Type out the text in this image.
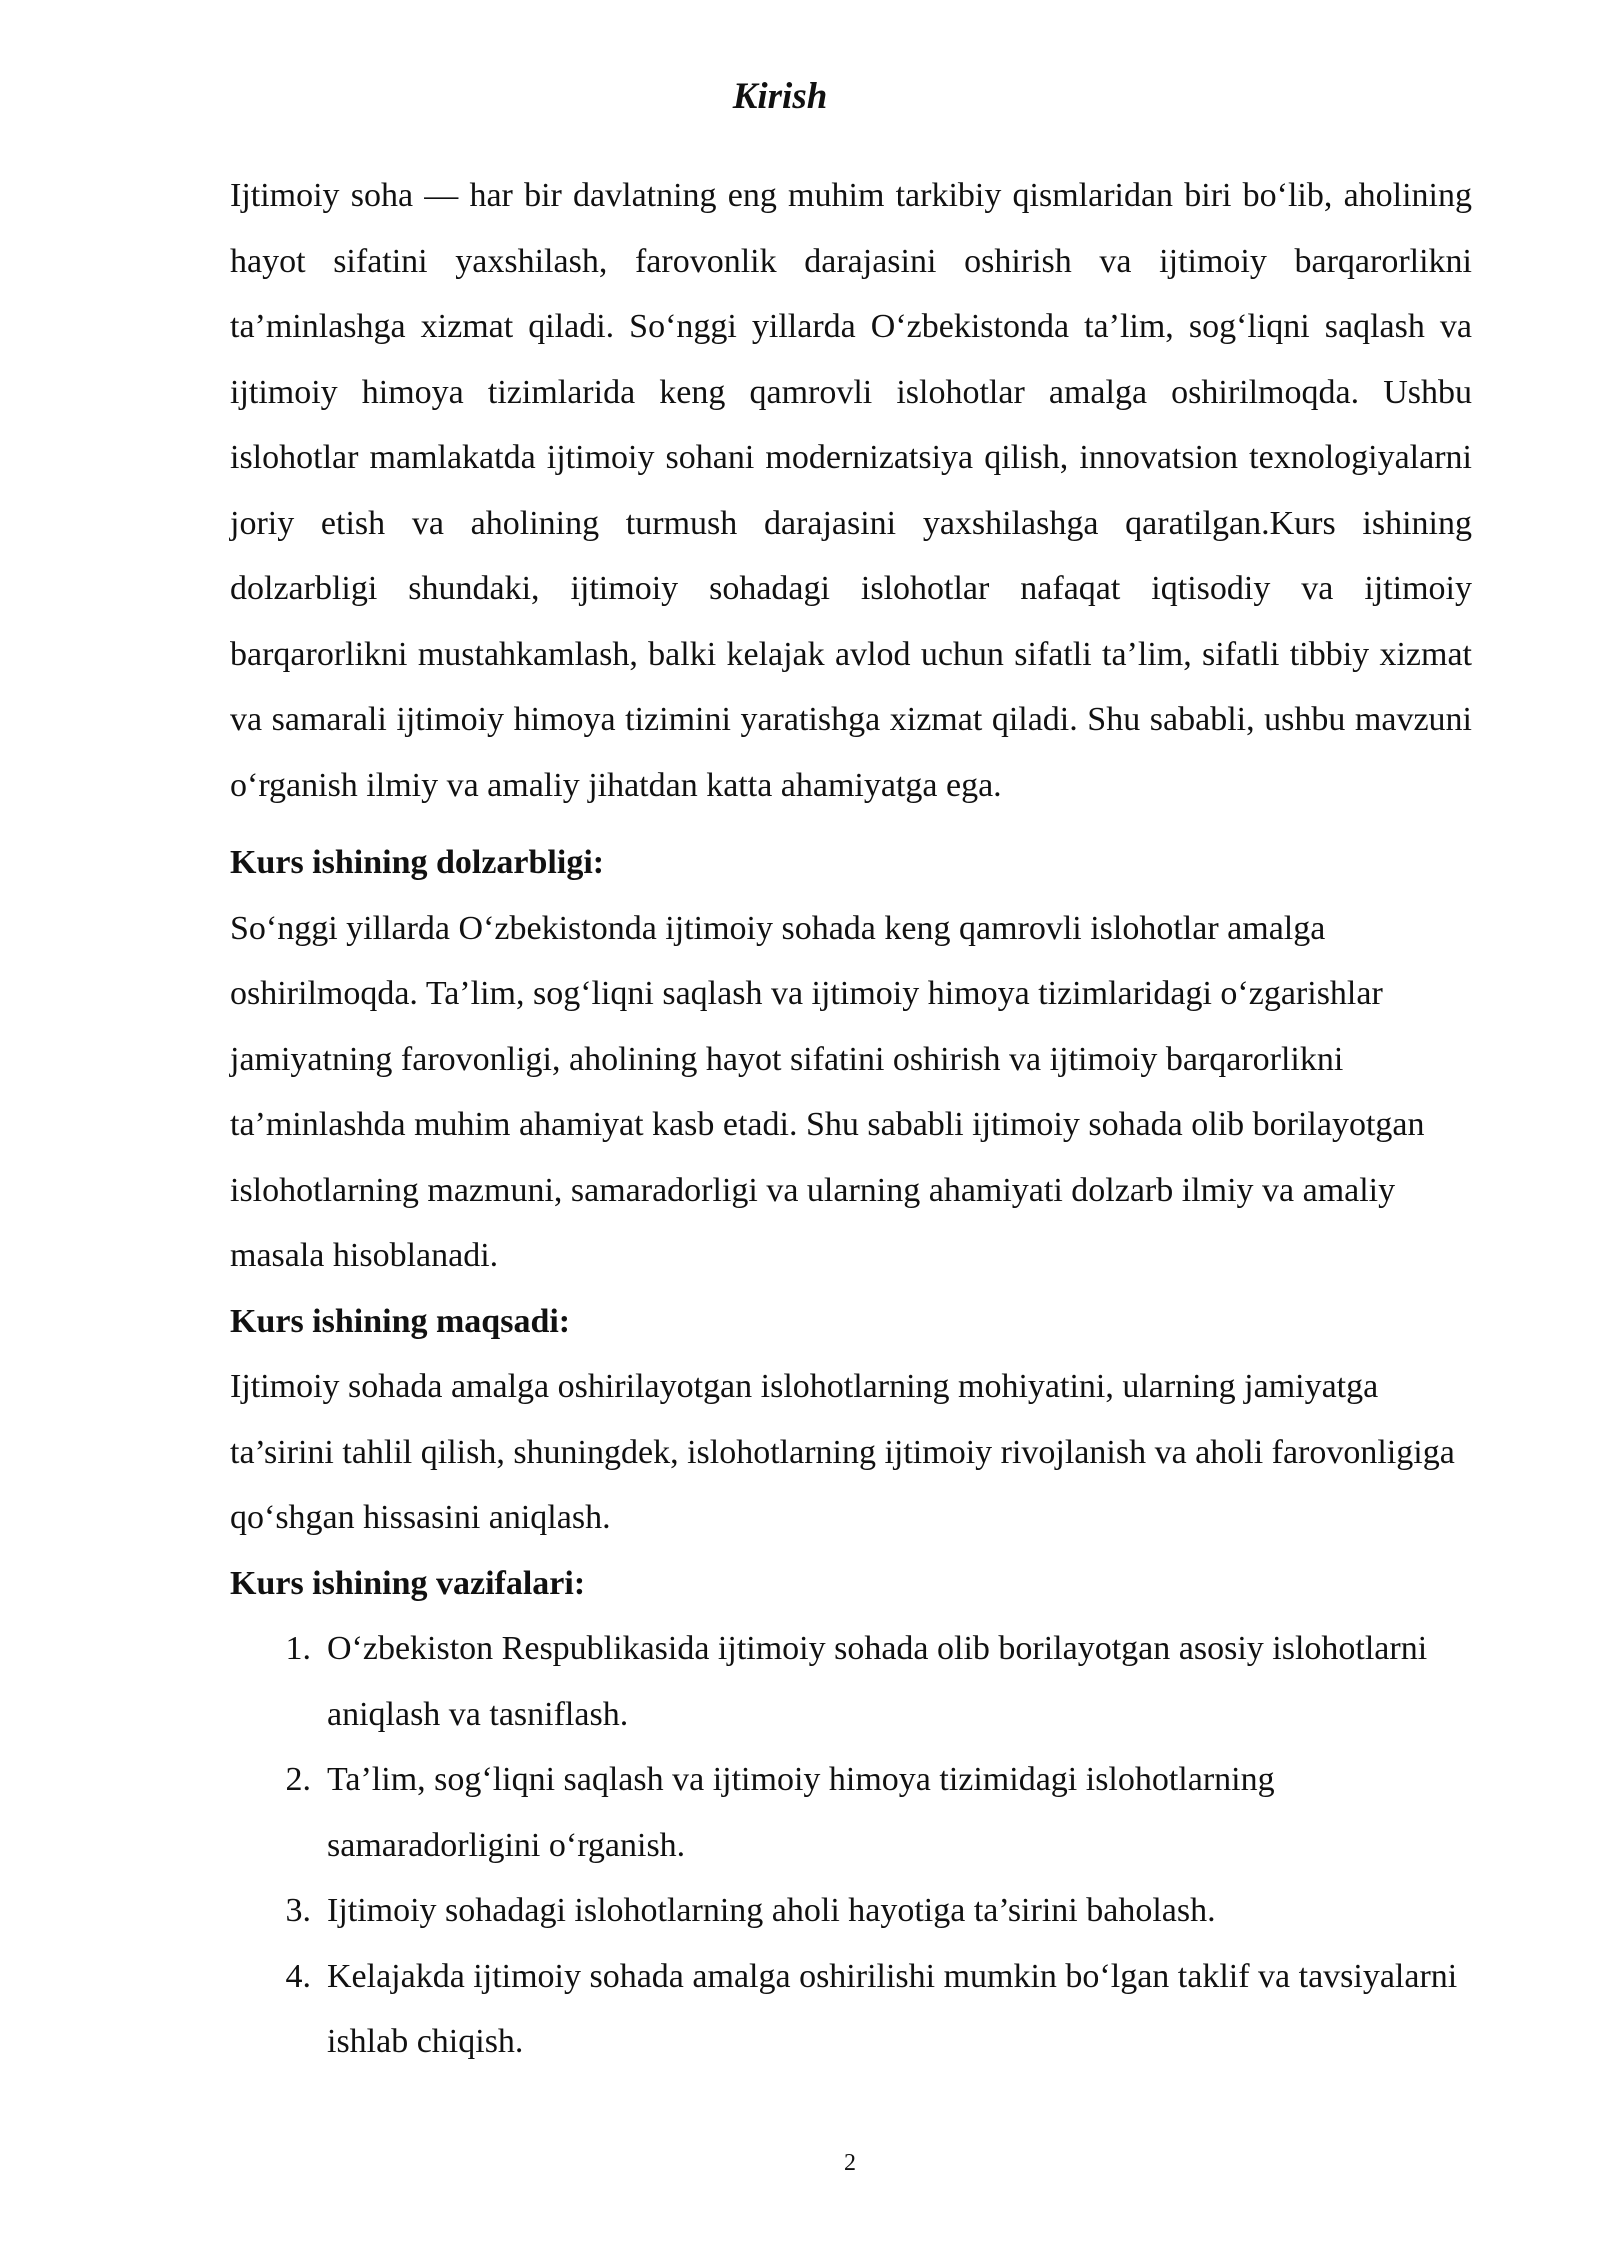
Kirish

Ijtimoiy soha — har bir davlatning eng muhim tarkibiy qismlaridan biri bo‘lib, aholining hayot sifatini yaxshilash, farovonlik darajasini oshirish va ijtimoiy barqarorlikni ta’minlashga xizmat qiladi. So‘nggi yillarda O‘zbekistonda ta’lim, sog‘liqni saqlash va ijtimoiy himoya tizimlarida keng qamrovli islohotlar amalga oshirilmoqda. Ushbu islohotlar mamlakatda ijtimoiy sohani modernizatsiya qilish, innovatsion texnologiyalarni joriy etish va aholining turmush darajasini yaxshilashga qaratilgan.Kurs ishining dolzarbligi shundaki, ijtimoiy sohadagi islohotlar nafaqat iqtisodiy va ijtimoiy barqarorlikni mustahkamlash, balki kelajak avlod uchun sifatli ta’lim, sifatli tibbiy xizmat va samarali ijtimoiy himoya tizimini yaratishga xizmat qiladi. Shu sababli, ushbu mavzuni o‘rganish ilmiy va amaliy jihatdan katta ahamiyatga ega.

Kurs ishining dolzarbligi:

So‘nggi yillarda O‘zbekistonda ijtimoiy sohada keng qamrovli islohotlar amalga oshirilmoqda. Ta’lim, sog‘liqni saqlash va ijtimoiy himoya tizimlaridagi o‘zgarishlar jamiyatning farovonligi, aholining hayot sifatini oshirish va ijtimoiy barqarorlikni ta’minlashda muhim ahamiyat kasb etadi. Shu sababli ijtimoiy sohada olib borilayotgan islohotlarning mazmuni, samaradorligi va ularning ahamiyati dolzarb ilmiy va amaliy masala hisoblanadi.

Kurs ishining maqsadi:

Ijtimoiy sohada amalga oshirilayotgan islohotlarning mohiyatini, ularning jamiyatga ta’sirini tahlil qilish, shuningdek, islohotlarning ijtimoiy rivojlanish va aholi farovonligiga qo‘shgan hissasini aniqlash.

Kurs ishining vazifalari:
1. O‘zbekiston Respublikasida ijtimoiy sohada olib borilayotgan asosiy islohotlarni aniqlash va tasniflash.
2. Ta’lim, sog‘liqni saqlash va ijtimoiy himoya tizimidagi islohotlarning samaradorligini o‘rganish.
3. Ijtimoiy sohadagi islohotlarning aholi hayotiga ta’sirini baholash.
4. Kelajakda ijtimoiy sohada amalga oshirilishi mumkin bo‘lgan taklif va tavsiyalarni ishlab chiqish.
2
